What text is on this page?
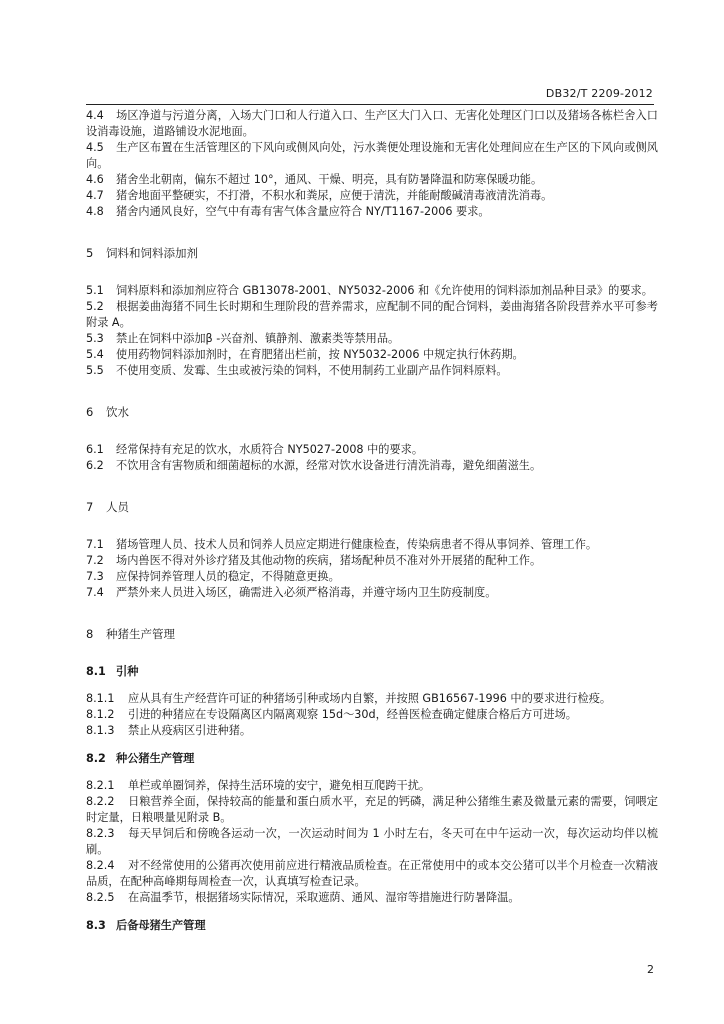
DB32/T 2209-2012

4.4 场区净道与污道分离，入场大门口和人行道入口、生产区大门入口、无害化处理区门口以及猪场各栋栏舍入口设消毒设施，道路铺设水泥地面。

4.5 生产区布置在生活管理区的下风向或侧风向处，污水粪便处理设施和无害化处理间应在生产区的下风向或侧风向。

4.6 猪舍坐北朝南，偏东不超过 10°，通风、干燥、明亮，具有防暑降温和防寒保暖功能。

4.7 猪舍地面平整硬实，不打滑，不积水和粪尿，应便于清洗，并能耐酸碱清毒液清洗消毒。

4.8 猪舍内通风良好，空气中有毒有害气体含量应符合 NY/T1167-2006 要求。

5 饲料和饲料添加剂

5.1 饲料原料和添加剂应符合 GB13078-2001、NY5032-2006 和《允许使用的饲料添加剂品种目录》的要求。

5.2 根据姜曲海猪不同生长时期和生理阶段的营养需求，应配制不同的配合饲料，姜曲海猪各阶段营养水平可参考附录 A。

5.3 禁止在饲料中添加β -兴奋剂、镇静剂、激素类等禁用品。

5.4 使用药物饲料添加剂时，在育肥猪出栏前，按 NY5032-2006 中规定执行休药期。

5.5 不使用变质、发霉、生虫或被污染的饲料，不使用制药工业副产品作饲料原料。

6 饮水

6.1 经常保持有充足的饮水，水质符合 NY5027-2008 中的要求。

6.2 不饮用含有害物质和细菌超标的水源，经常对饮水设备进行清洗消毒，避免细菌滋生。

7 人员

7.1 猪场管理人员、技术人员和饲养人员应定期进行健康检查，传染病患者不得从事饲养、管理工作。

7.2 场内兽医不得对外诊疗猪及其他动物的疾病，猪场配种员不准对外开展猪的配种工作。

7.3 应保持饲养管理人员的稳定，不得随意更换。

7.4 严禁外来人员进入场区，确需进入必须严格消毒，并遵守场内卫生防疫制度。

8 种猪生产管理
8.1 引种

8.1.1 应从具有生产经营许可证的种猪场引种或场内自繁，并按照 GB16567-1996 中的要求进行检疫。

8.1.2 引进的种猪应在专设隔离区内隔离观察 15d～30d，经兽医检查确定健康合格后方可进场。

8.1.3 禁止从疫病区引进种猪。

8.2 种公猪生产管理

8.2.1 单栏或单圈饲养，保持生活环境的安宁，避免相互爬跨干扰。

8.2.2 日粮营养全面，保持较高的能量和蛋白质水平，充足的钙磷，满足种公猪维生素及微量元素的需要，饲喂定时定量，日粮喂量见附录 B。

8.2.3 每天早饲后和傍晚各运动一次，一次运动时间为 1 小时左右，冬天可在中午运动一次，每次运动均伴以梳刷。

8.2.4 对不经常使用的公猪再次使用前应进行精液品质检查。在正常使用中的或本交公猪可以半个月检查一次精液品质，在配种高峰期每周检查一次，认真填写检查记录。

8.2.5 在高温季节，根据猪场实际情况，采取遮荫、通风、湿帘等措施进行防暑降温。

8.3 后备母猪生产管理
2
